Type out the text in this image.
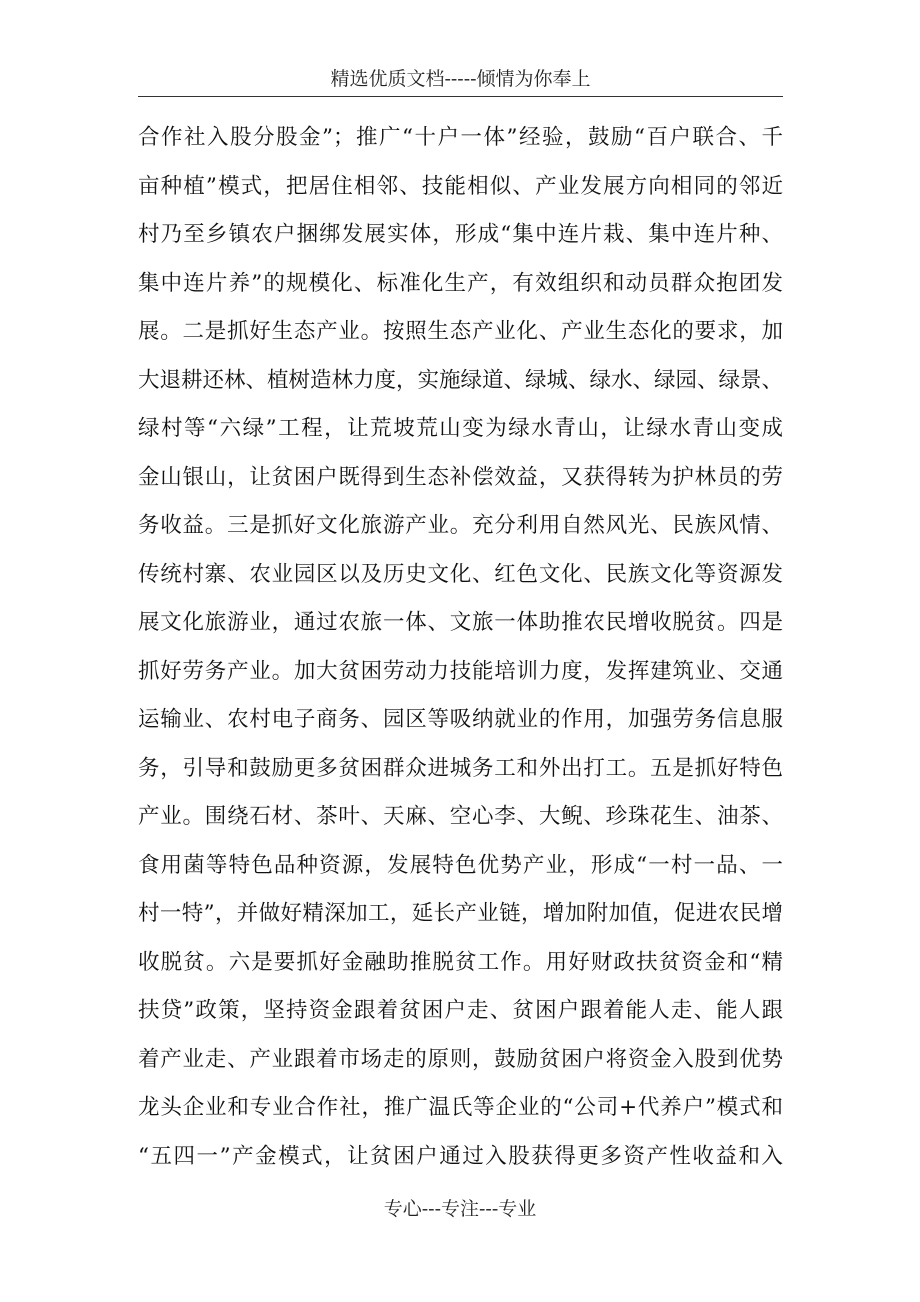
精选优质文档-----倾情为你奉上
合作社入股分股金”；推广“十户一体”经验，鼓励“百户联合、千
亩种植”模式，把居住相邻、技能相似、产业发展方向相同的邻近
村乃至乡镇农户捆绑发展实体，形成“集中连片栽、集中连片种、
集中连片养”的规模化、标准化生产，有效组织和动员群众抱团发
展。二是抓好生态产业。按照生态产业化、产业生态化的要求，加
大退耕还林、植树造林力度，实施绿道、绿城、绿水、绿园、绿景、
绿村等“六绿”工程，让荒坡荒山变为绿水青山，让绿水青山变成
金山银山，让贫困户既得到生态补偿效益，又获得转为护林员的劳
务收益。三是抓好文化旅游产业。充分利用自然风光、民族风情、
传统村寨、农业园区以及历史文化、红色文化、民族文化等资源发
展文化旅游业，通过农旅一体、文旅一体助推农民增收脱贫。四是
抓好劳务产业。加大贫困劳动力技能培训力度，发挥建筑业、交通
运输业、农村电子商务、园区等吸纳就业的作用，加强劳务信息服
务，引导和鼓励更多贫困群众进城务工和外出打工。五是抓好特色
产业。围绕石材、茶叶、天麻、空心李、大鲵、珍珠花生、油茶、
食用菌等特色品种资源，发展特色优势产业，形成“一村一品、一
村一特”，并做好精深加工，延长产业链，增加附加值，促进农民增
收脱贫。六是要抓好金融助推脱贫工作。用好财政扶贫资金和“精
扶贷”政策，坚持资金跟着贫困户走、贫困户跟着能人走、能人跟
着产业走、产业跟着市场走的原则，鼓励贫困户将资金入股到优势
龙头企业和专业合作社，推广温氏等企业的“公司+代养户”模式和
“五四一”产金模式，让贫困户通过入股获得更多资产性收益和入
专心---专注---专业
